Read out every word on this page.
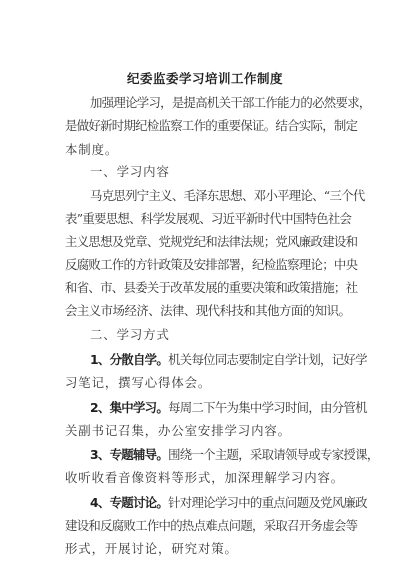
纪委监委学习培训工作制度
加强理论学习，是提高机关干部工作能力的必然要求，
是做好新时期纪检监察工作的重要保证。结合实际，制定
本制度。
一、学习内容
马克思列宁主义、毛泽东思想、邓小平理论、“三个代
表”重要思想、科学发展观、习近平新时代中国特色社会
主义思想及党章、党规党纪和法律法规；党风廉政建设和
反腐败工作的方针政策及安排部署，纪检监察理论；中央
和省、市、县委关于改革发展的重要决策和政策措施；社
会主义市场经济、法律、现代科技和其他方面的知识。
二、学习方式
1、分散自学。机关每位同志要制定自学计划，记好学
习笔记，撰写心得体会。
2、集中学习。每周二下午为集中学习时间，由分管机
关副书记召集，办公室安排学习内容。
3、专题辅导。围绕一个主题，采取请领导或专家授课，
收听收看音像资料等形式，加深理解学习内容。
4、专题讨论。针对理论学习中的重点问题及党风廉政
建设和反腐败工作中的热点难点问题，采取召开务虚会等
形式，开展讨论，研究对策。
